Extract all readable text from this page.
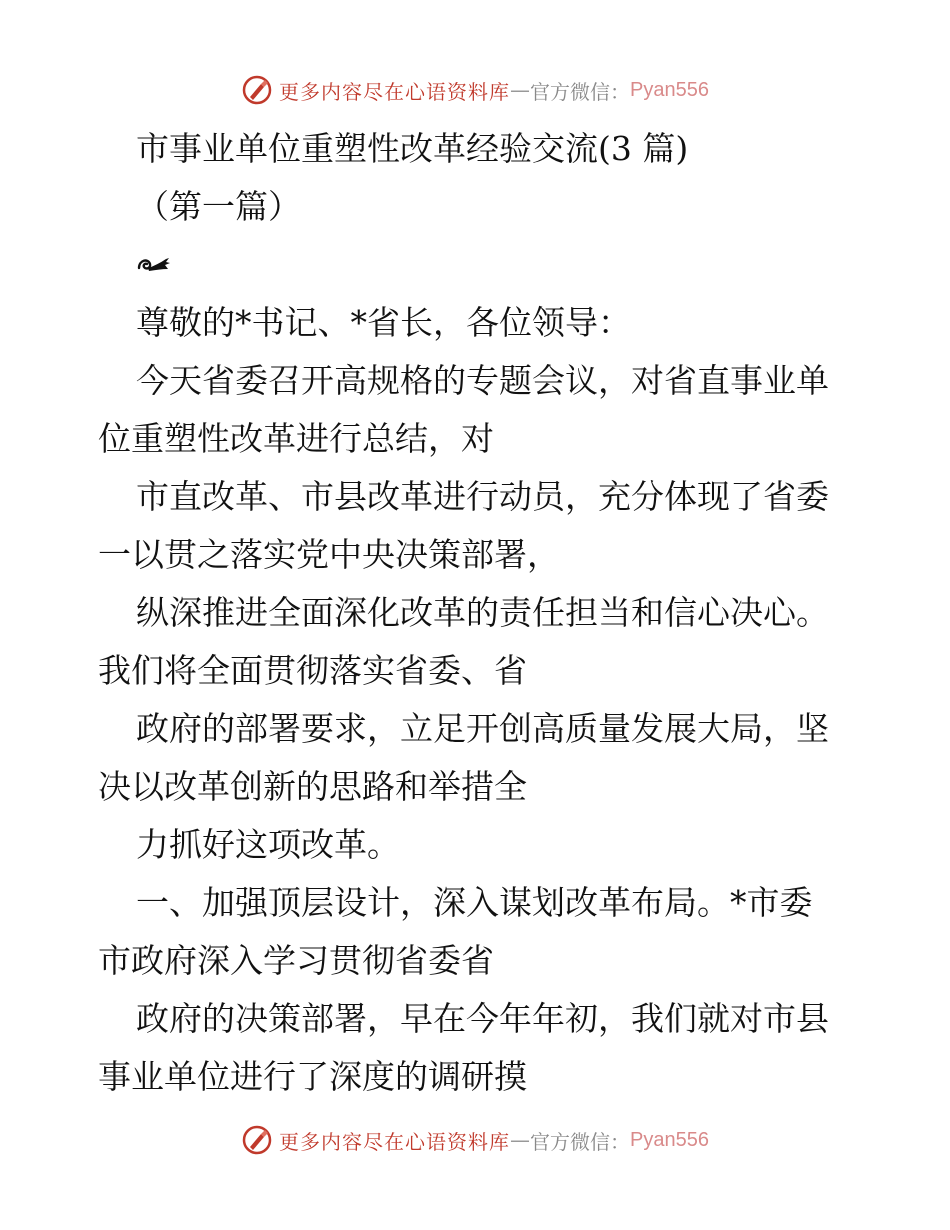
更多内容尽在心语资料库 — 官方微信： Pyan556
市事业单位重塑性改革经验交流(3 篇)
（第一篇）
尊敬的*书记、*省长，各位领导：
今天省委召开高规格的专题会议，对省直事业单
位重塑性改革进行总结，对
市直改革、市县改革进行动员，充分体现了省委
一以贯之落实党中央决策部署，
纵深推进全面深化改革的责任担当和信心决心。
我们将全面贯彻落实省委、省
政府的部署要求，立足开创高质量发展大局，坚
决以改革创新的思路和举措全
力抓好这项改革。
一、加强顶层设计，深入谋划改革布局。*市委
市政府深入学习贯彻省委省
政府的决策部署，早在今年年初，我们就对市县
事业单位进行了深度的调研摸
更多内容尽在心语资料库 — 官方微信： Pyan556
